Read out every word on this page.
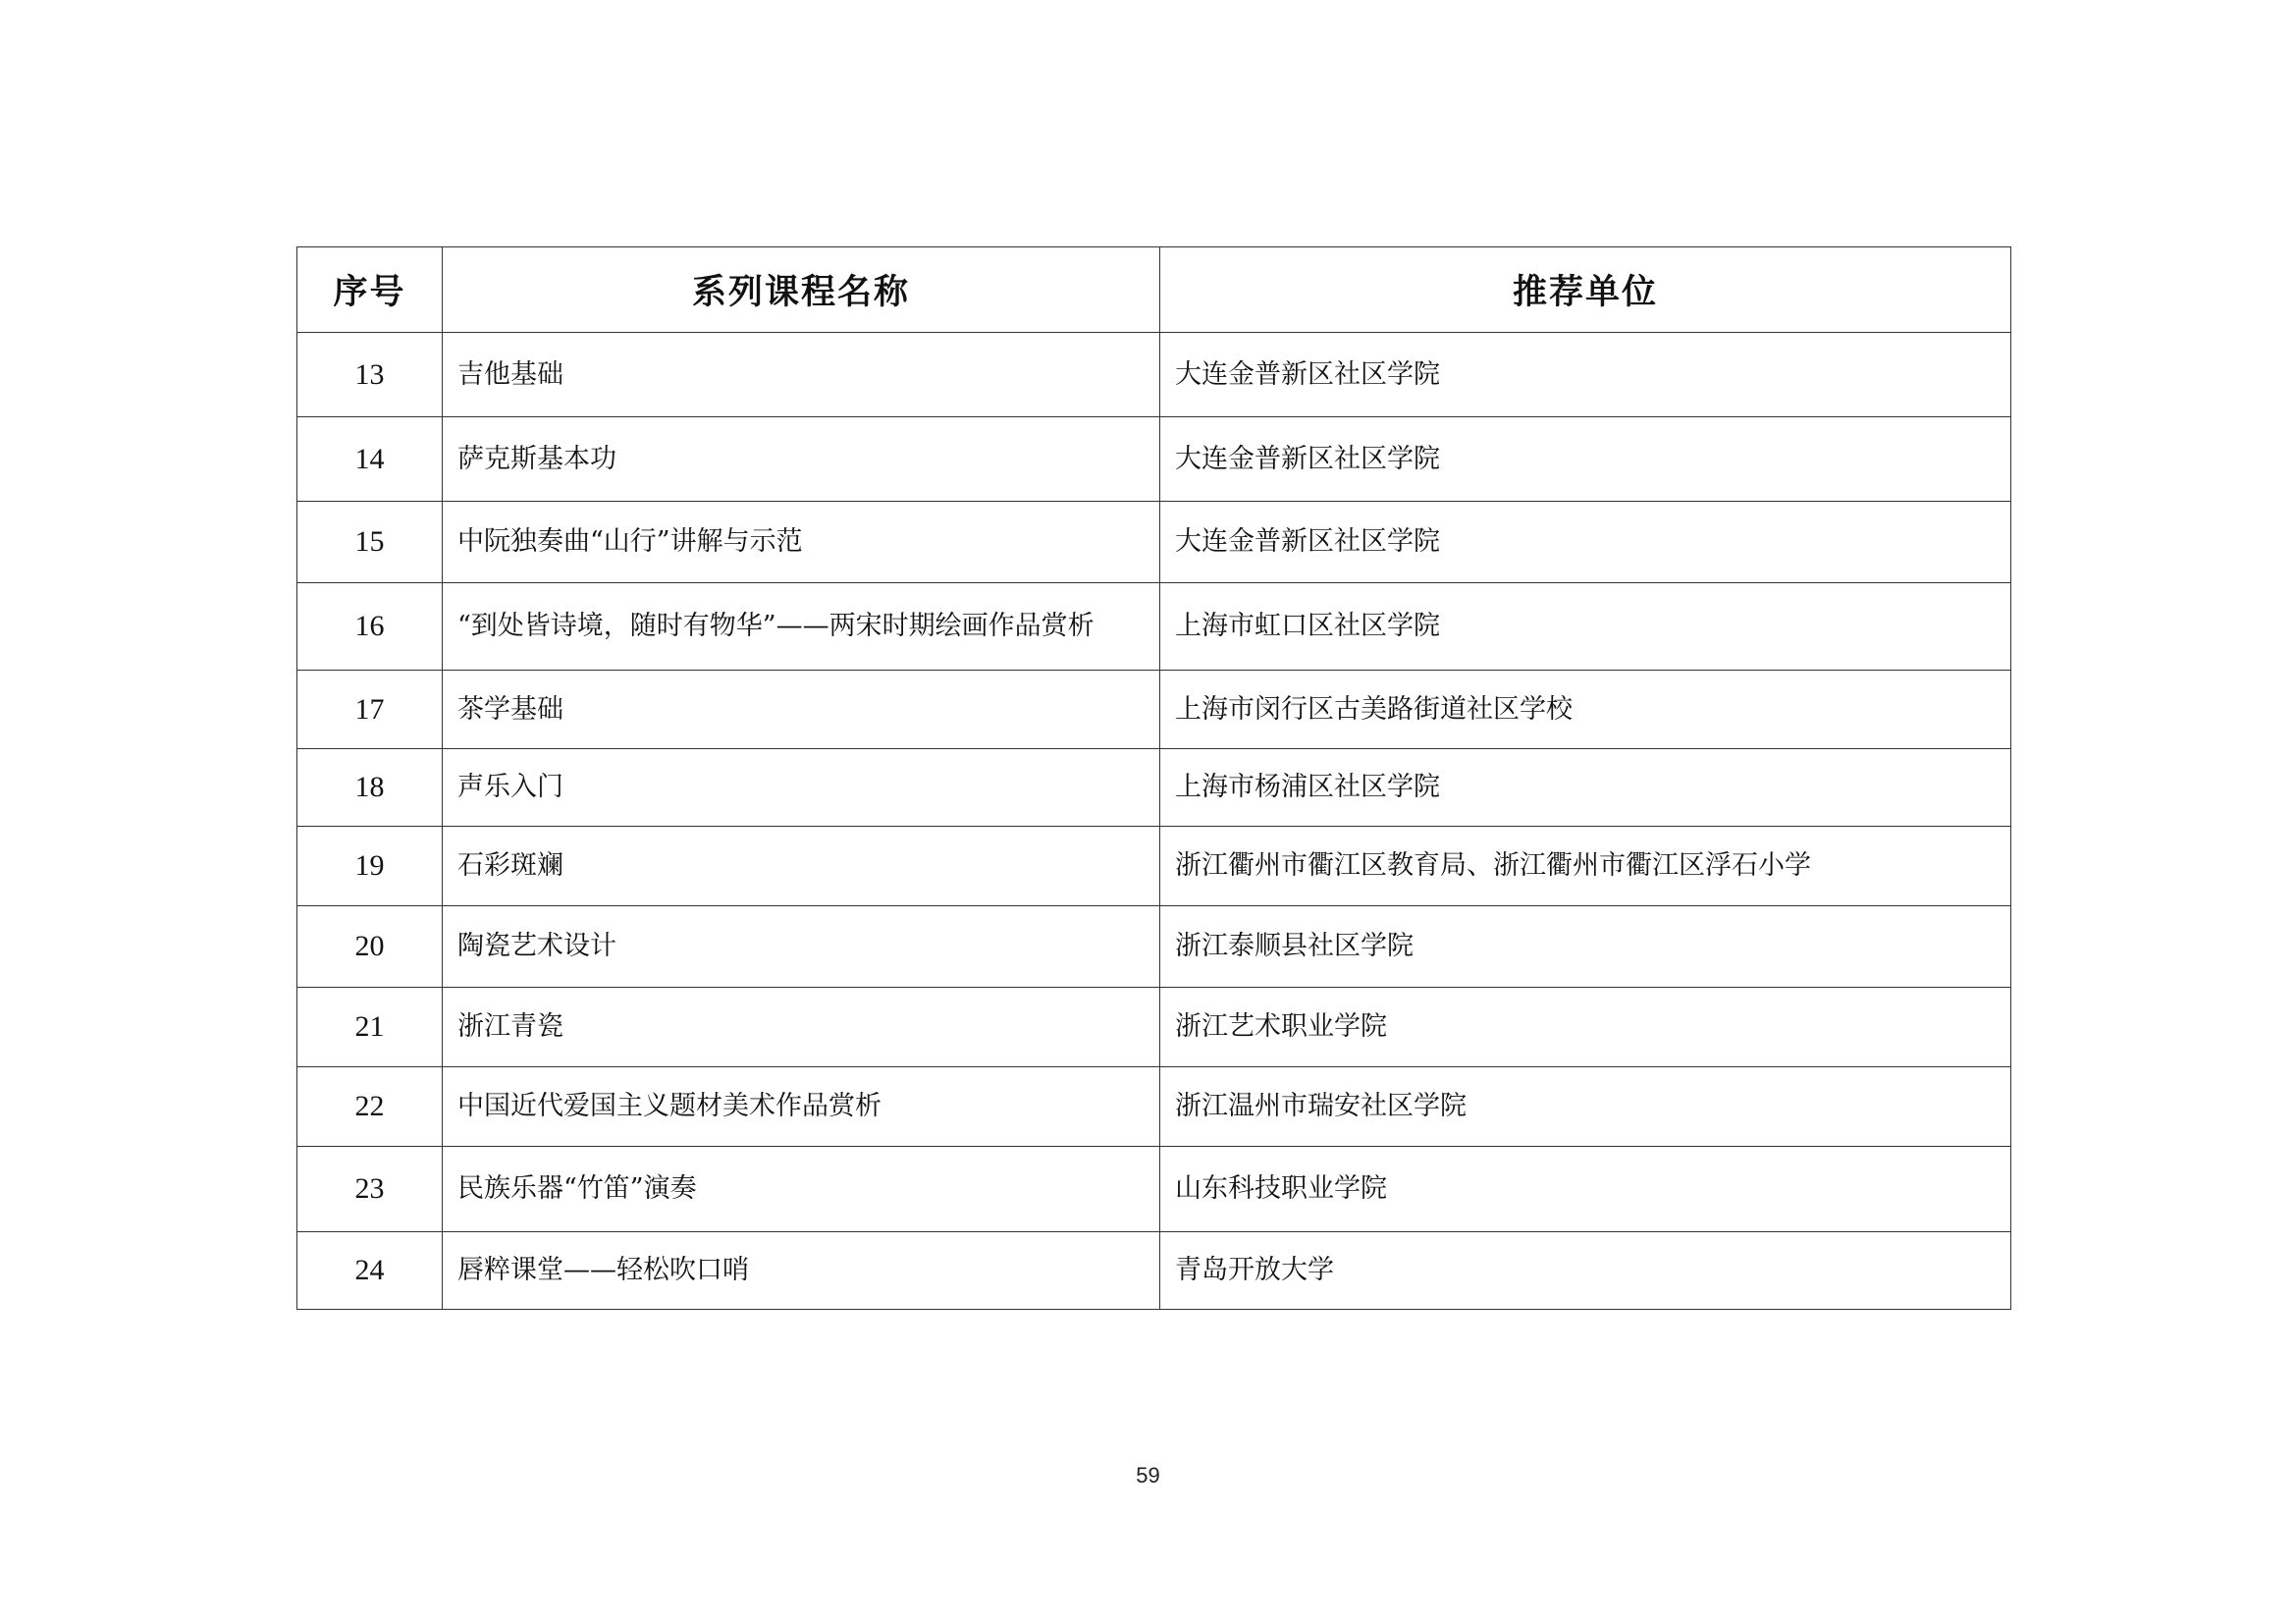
序号	系列课程名称	推荐单位
13	吉他基础	大连金普新区社区学院
14	萨克斯基本功	大连金普新区社区学院
15	中阮独奏曲“山行”讲解与示范	大连金普新区社区学院
16	“到处皆诗境，随时有物华”——两宋时期绘画作品赏析	上海市虹口区社区学院
17	茶学基础	上海市闵行区古美路街道社区学校
18	声乐入门	上海市杨浦区社区学院
19	石彩斑斓	浙江衢州市衢江区教育局、浙江衢州市衢江区浮石小学
20	陶瓷艺术设计	浙江泰顺县社区学院
21	浙江青瓷	浙江艺术职业学院
22	中国近代爱国主义题材美术作品赏析	浙江温州市瑞安社区学院
23	民族乐器“竹笛”演奏	山东科技职业学院
24	唇粹课堂——轻松吹口哨	青岛开放大学
59
